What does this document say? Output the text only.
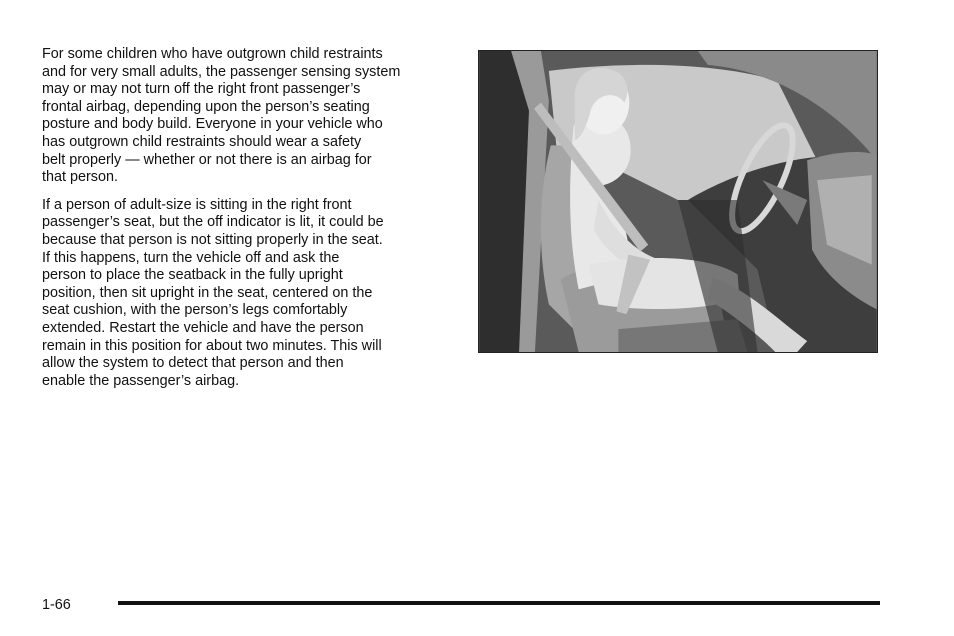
For some children who have outgrown child restraints
and for very small adults, the passenger sensing system
may or may not turn off the right front passenger’s
frontal airbag, depending upon the person’s seating
posture and body build. Everyone in your vehicle who
has outgrown child restraints should wear a safety
belt properly — whether or not there is an airbag for
that person.

If a person of adult-size is sitting in the right front
passenger’s seat, but the off indicator is lit, it could be
because that person is not sitting properly in the seat.
If this happens, turn the vehicle off and ask the
person to place the seatback in the fully upright
position, then sit upright in the seat, centered on the
seat cushion, with the person’s legs comfortably
extended. Restart the vehicle and have the person
remain in this position for about two minutes. This will
allow the system to detect that person and then
enable the passenger’s airbag.

1-66
